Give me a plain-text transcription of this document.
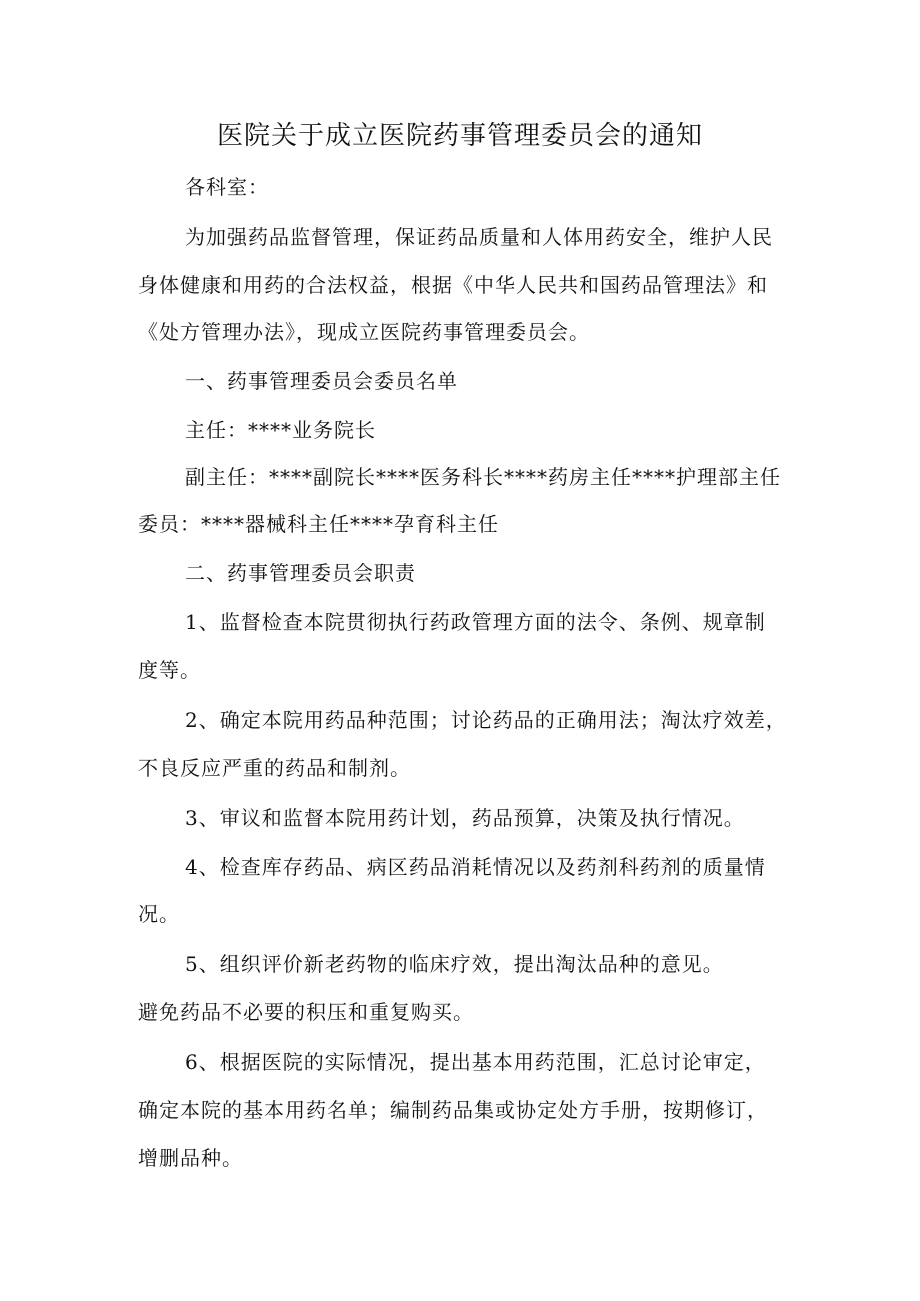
医院关于成立医院药事管理委员会的通知
各科室：
为加强药品监督管理，保证药品质量和人体用药安全，维护人民
身体健康和用药的合法权益，根据《中华人民共和国药品管理法》和
《处方管理办法》，现成立医院药事管理委员会。
一、药事管理委员会委员名单
主任：****业务院长
副主任：****副院长****医务科长****药房主任****护理部主任
委员：****器械科主任****孕育科主任
二、药事管理委员会职责
1、监督检查本院贯彻执行药政管理方面的法令、条例、规章制
度等。
2、确定本院用药品种范围；讨论药品的正确用法；淘汰疗效差，
不良反应严重的药品和制剂。
3、审议和监督本院用药计划，药品预算，决策及执行情况。
4、检查库存药品、病区药品消耗情况以及药剂科药剂的质量情
况。
5、组织评价新老药物的临床疗效，提出淘汰品种的意见。
避免药品不必要的积压和重复购买。
6、根据医院的实际情况，提出基本用药范围，汇总讨论审定，
确定本院的基本用药名单；编制药品集或协定处方手册，按期修订，
增删品种。
